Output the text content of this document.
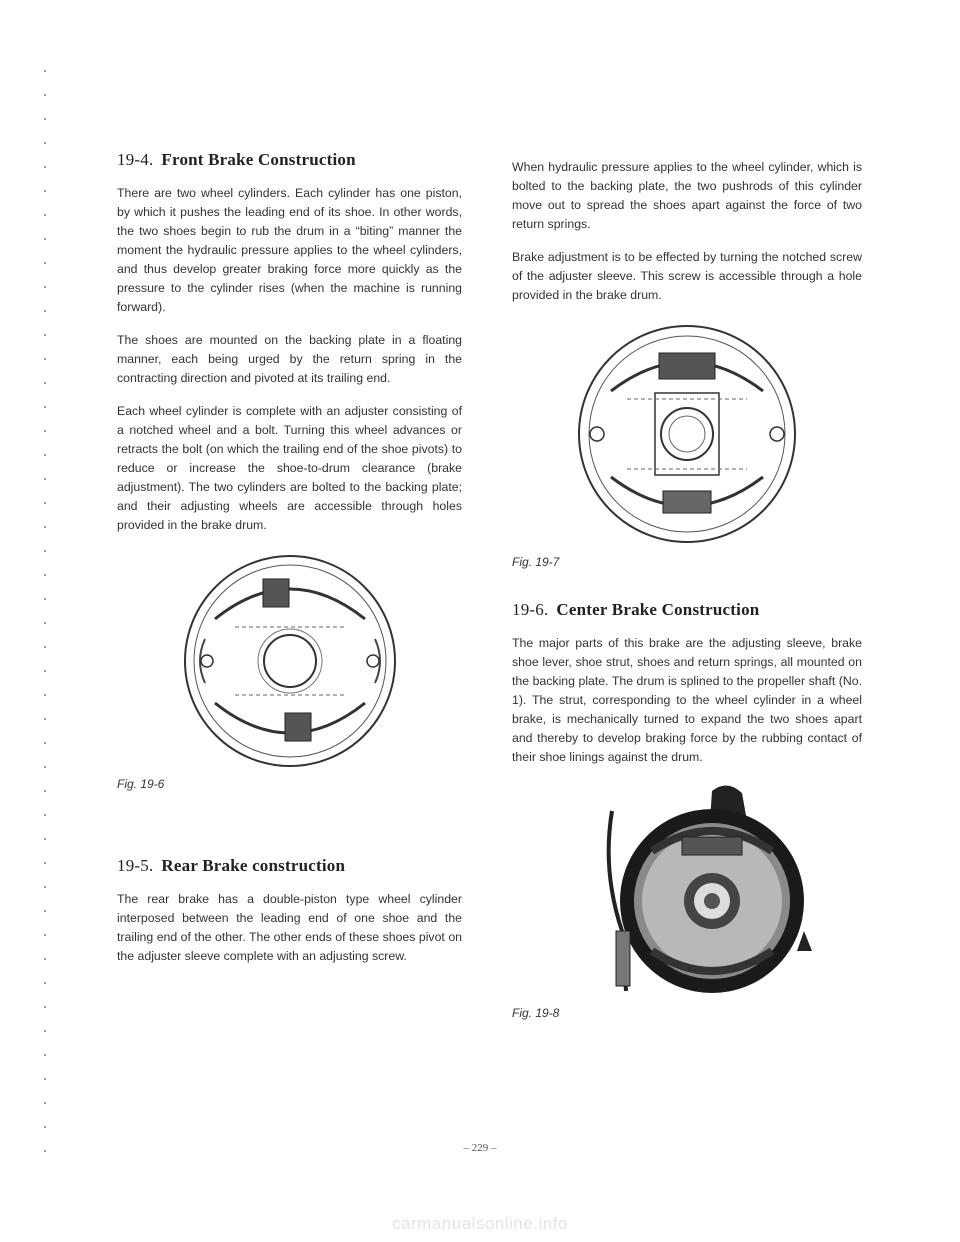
19-4. Front Brake Construction

There are two wheel cylinders. Each cylinder has one piston, by which it pushes the leading end of its shoe. In other words, the two shoes begin to rub the drum in a “biting” manner the moment the hydraulic pressure applies to the wheel cylinders, and thus develop greater braking force more quickly as the pressure to the cylinder rises (when the machine is running forward).

The shoes are mounted on the backing plate in a floating manner, each being urged by the return spring in the contracting direction and pivoted at its trailing end.

Each wheel cylinder is complete with an adjuster consisting of a notched wheel and a bolt. Turning this wheel advances or retracts the bolt (on which the trailing end of the shoe pivots) to reduce or increase the shoe-to-drum clearance (brake adjustment). The two cylinders are bolted to the backing plate; and their adjusting wheels are accessible through holes provided in the brake drum.

Fig. 19-6

19-5. Rear Brake construction

The rear brake has a double-piston type wheel cylinder interposed between the leading end of one shoe and the trailing end of the other. The other ends of these shoes pivot on the adjuster sleeve complete with an adjusting screw.

When hydraulic pressure applies to the wheel cylinder, which is bolted to the backing plate, the two pushrods of this cylinder move out to spread the shoes apart against the force of two return springs.

Brake adjustment is to be effected by turning the notched screw of the adjuster sleeve. This screw is accessible through a hole provided in the brake drum.

Fig. 19-7

19-6. Center Brake Construction

The major parts of this brake are the adjusting sleeve, brake shoe lever, shoe strut, shoes and return springs, all mounted on the backing plate. The drum is splined to the propeller shaft (No. 1). The strut, corresponding to the wheel cylinder in a wheel brake, is mechanically turned to expand the two shoes apart and thereby to develop braking force by the rubbing contact of their shoe linings against the drum.

Fig. 19-8

– 229 –
carmanualsonline.info
